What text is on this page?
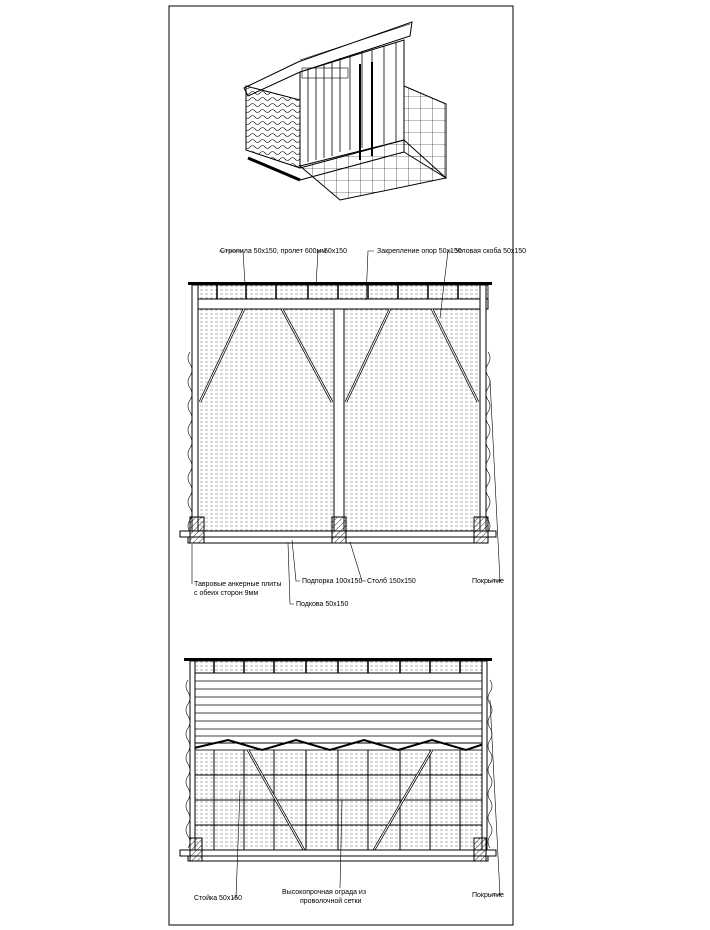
Стропила 50x150, пролет 600мм
50x150	Закрепление опор 50x150
Угловая скоба 50x150
Тавровые анкерные плиты
с обеих сторон 9мм
Подпорка 100x150 Столб 150x150
Подкова 50x150
Покрытие
Стойка 50x150
Высокопрочная ограда из
проволочной сетки
Покрытие
